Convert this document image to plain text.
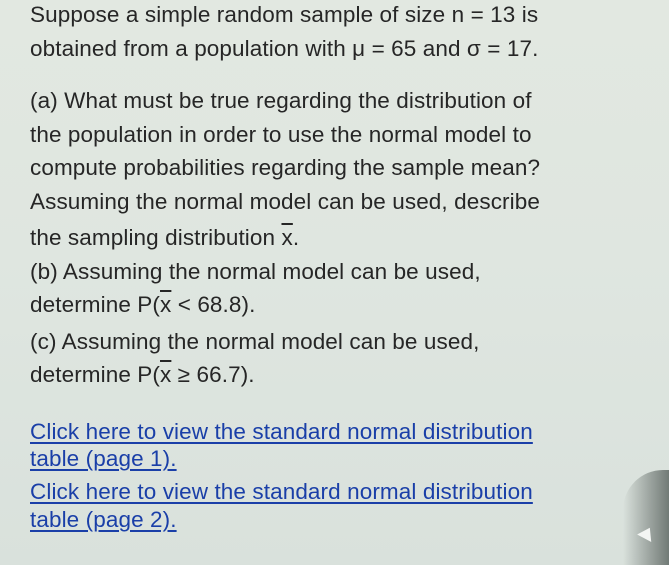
Suppose a simple random sample of size n = 13 is
obtained from a population with μ = 65 and σ = 17.
(a) What must be true regarding the distribution of
the population in order to use the normal model to
compute probabilities regarding the sample mean?
Assuming the normal model can be used, describe
the sampling distribution $\overline{x}$.
(b) Assuming the normal model can be used,
determine $P(\overline{x} < 68.8)$.
(c) Assuming the normal model can be used,
determine $P(\overline{x} \ge 66.7)$.
Click here to view the standard normal distribution
table (page 1).
Click here to view the standard normal distribution
table (page 2).
